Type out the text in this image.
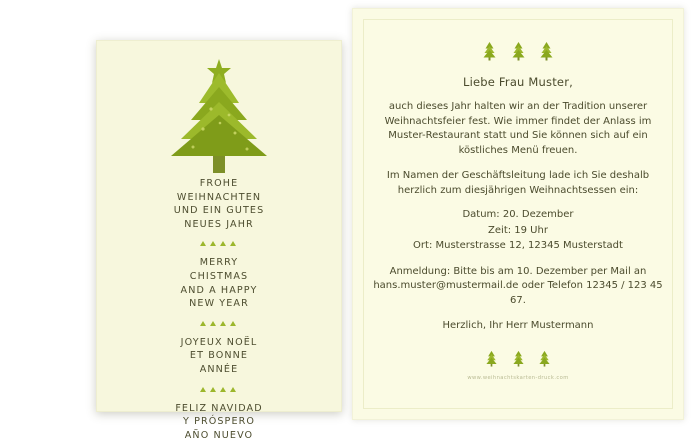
Liebe Frau Muster,
auch dieses Jahr halten wir an der Tradition unserer Weihnachtsfeier fest. Wie immer findet der Anlass im Muster-Restaurant statt und Sie können sich auf ein köstliches Menü freuen.
Im Namen der Geschäftsleitung lade ich Sie deshalb herzlich zum diesjährigen Weihnachtsessen ein:
Datum: 20. Dezember
Zeit: 19 Uhr
Ort: Musterstrasse 12, 12345 Musterstadt
Anmeldung: Bitte bis am 10. Dezember per Mail an hans.muster@mustermail.de oder Telefon 12345 / 123 45 67.
Herzlich, Ihr Herr Mustermann

www.weihnachtskarten-druck.com
FROHE
WEIHNACHTEN
UND EIN GUTES
NEUES JAHR
MERRY
CHISTMAS
AND A HAPPY
NEW YEAR
JOYEUX NOËL
ET BONNE
ANNÉE
FELIZ NAVIDAD
Y PRÓSPERO
AÑO NUEVO
